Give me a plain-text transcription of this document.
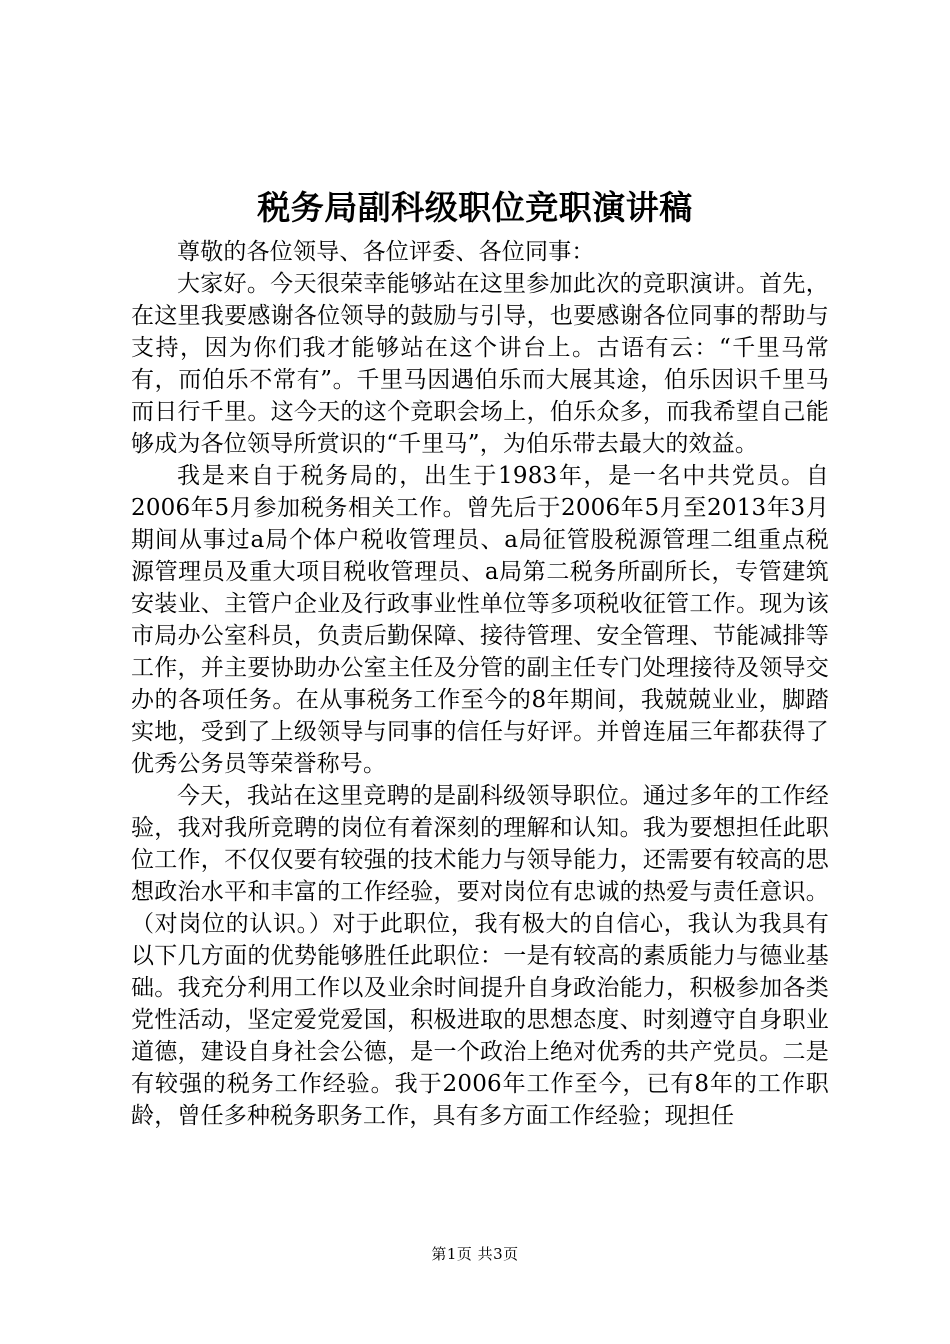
税务局副科级职位竞职演讲稿

尊敬的各位领导、各位评委、各位同事：

大家好。今天很荣幸能够站在这里参加此次的竞职演讲。首先，在这里我要感谢各位领导的鼓励与引导，也要感谢各位同事的帮助与支持，因为你们我才能够站在这个讲台上。古语有云：“千里马常有，而伯乐不常有”。千里马因遇伯乐而大展其途，伯乐因识千里马而日行千里。这今天的这个竞职会场上，伯乐众多，而我希望自己能够成为各位领导所赏识的“千里马”，为伯乐带去最大的效益。

我是来自于税务局的，出生于1983年，是一名中共党员。自2006年5月参加税务相关工作。曾先后于2006年5月至2013年3月期间从事过a局个体户税收管理员、a局征管股税源管理二组重点税源管理员及重大项目税收管理员、a局第二税务所副所长，专管建筑安装业、主管户企业及行政事业性单位等多项税收征管工作。现为该市局办公室科员，负责后勤保障、接待管理、安全管理、节能减排等工作，并主要协助办公室主任及分管的副主任专门处理接待及领导交办的各项任务。在从事税务工作至今的8年期间，我兢兢业业，脚踏实地，受到了上级领导与同事的信任与好评。并曾连届三年都获得了优秀公务员等荣誉称号。

今天，我站在这里竞聘的是副科级领导职位。通过多年的工作经验，我对我所竞聘的岗位有着深刻的理解和认知。我为要想担任此职位工作，不仅仅要有较强的技术能力与领导能力，还需要有较高的思想政治水平和丰富的工作经验，要对岗位有忠诚的热爱与责任意识。（对岗位的认识。）对于此职位，我有极大的自信心，我认为我具有以下几方面的优势能够胜任此职位：一是有较高的素质能力与德业基础。我充分利用工作以及业余时间提升自身政治能力，积极参加各类党性活动，坚定爱党爱国，积极进取的思想态度、时刻遵守自身职业道德，建设自身社会公德，是一个政治上绝对优秀的共产党员。二是有较强的税务工作经验。我于2006年工作至今，已有8年的工作职龄，曾任多种税务职务工作，具有多方面工作经验；现担任

第1页 共3页
